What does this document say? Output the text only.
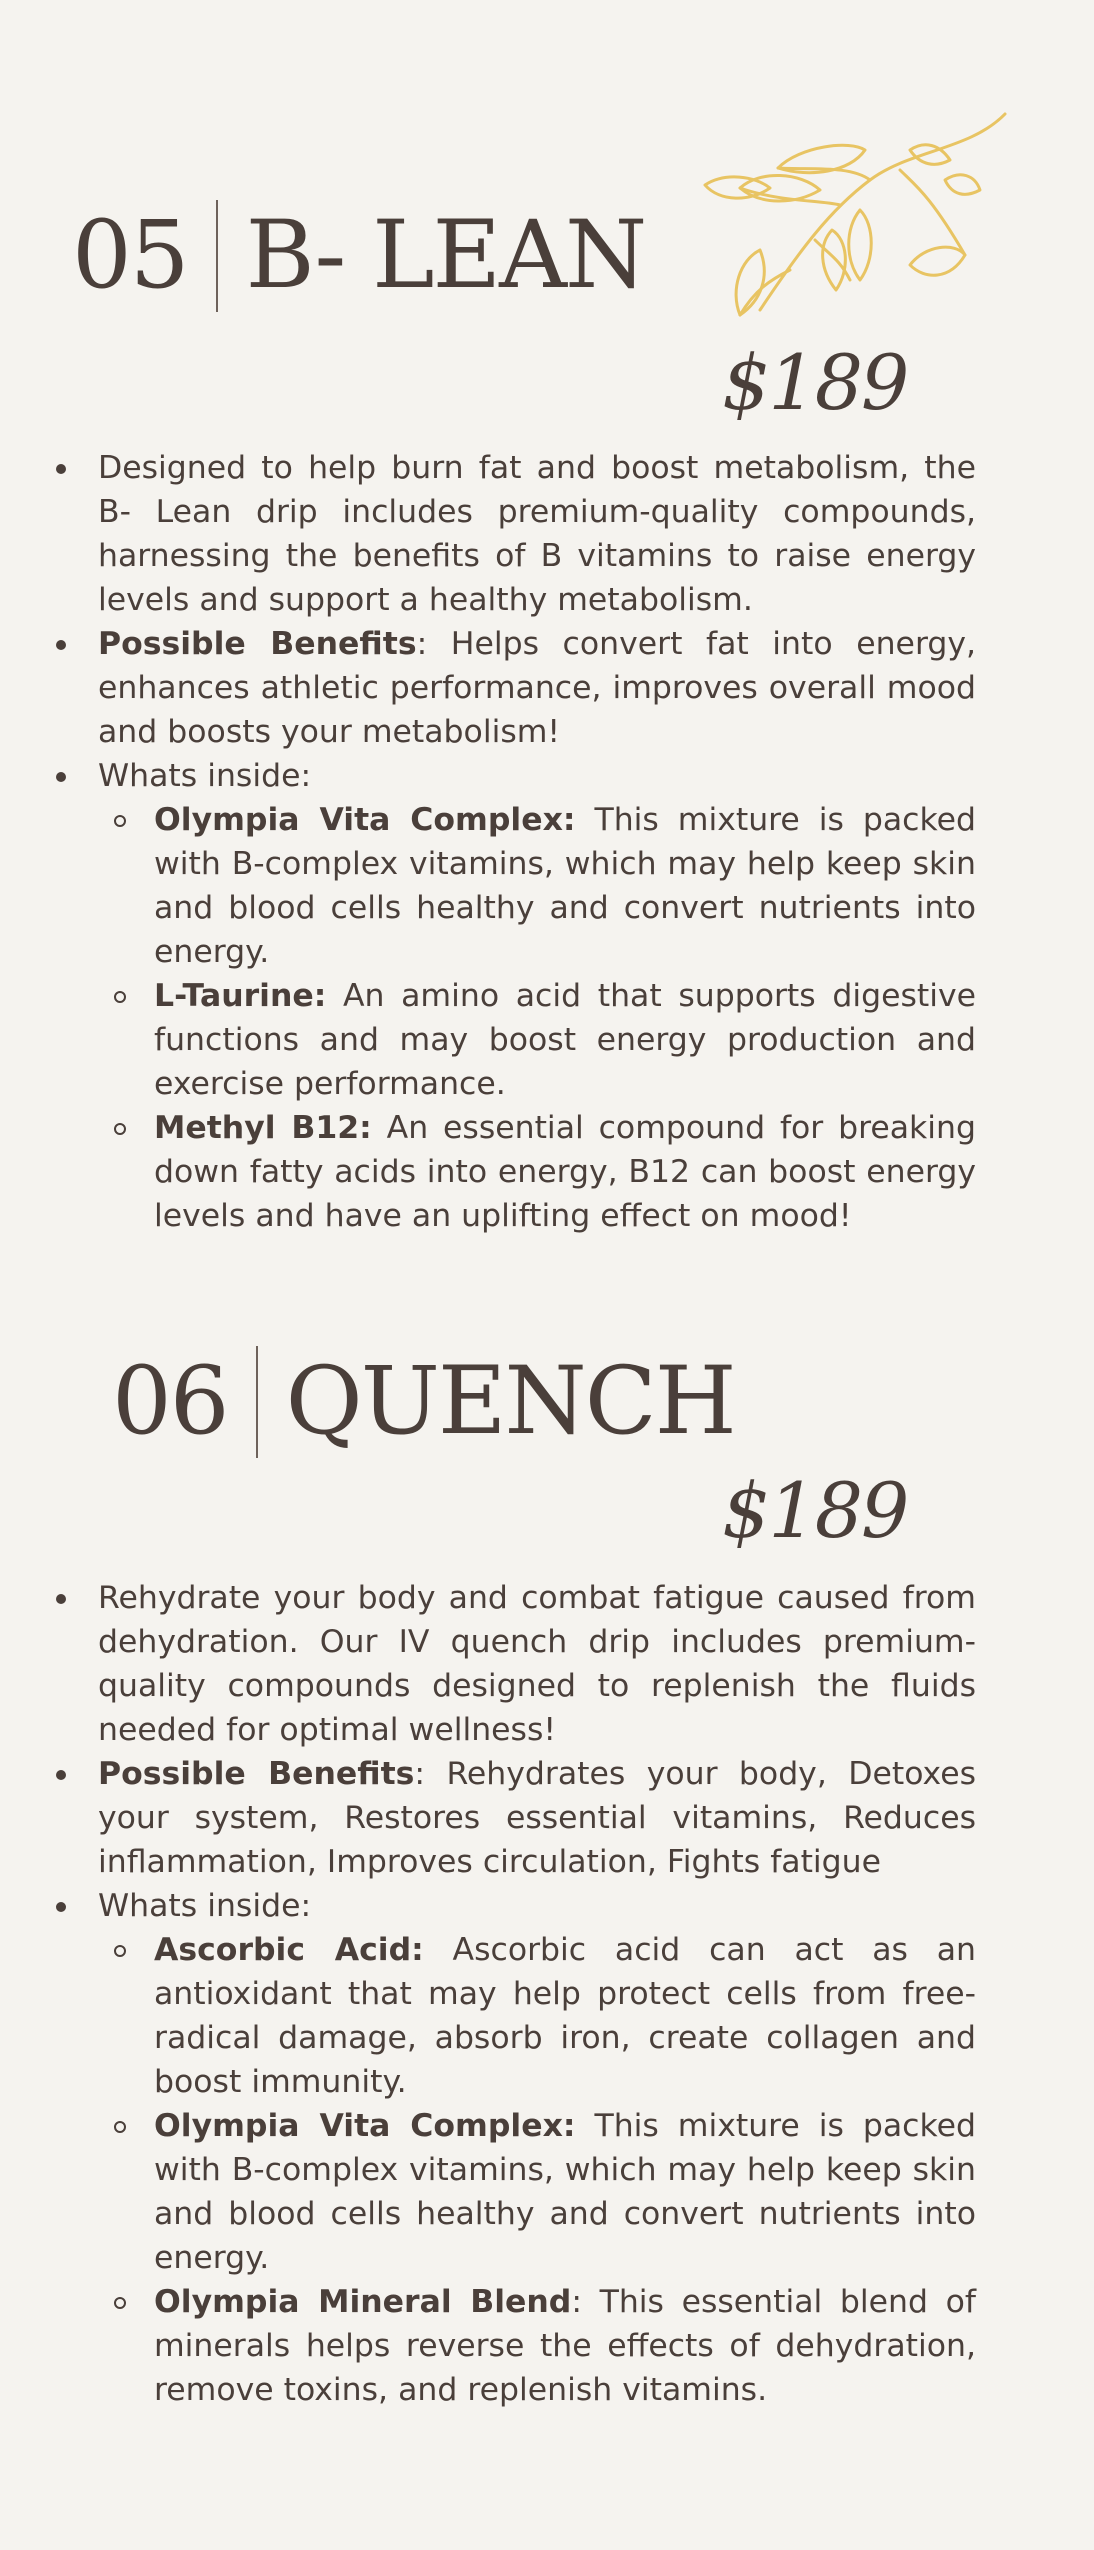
05 B- LEAN
$189
Designed to help burn fat and boost metabolism, the B- Lean drip includes premium-quality compounds, harnessing the benefits of B vitamins to raise energy levels and support a healthy metabolism.
Possible Benefits: Helps convert fat into energy, enhances athletic performance, improves overall mood and boosts your metabolism!
Whats inside:
Olympia Vita Complex: This mixture is packed with B-complex vitamins, which may help keep skin and blood cells healthy and convert nutrients into energy.
L-Taurine: An amino acid that supports digestive functions and may boost energy production and exercise performance.
Methyl B12: An essential compound for breaking down fatty acids into energy, B12 can boost energy levels and have an uplifting effect on mood!
06 QUENCH
$189
Rehydrate your body and combat fatigue caused from dehydration. Our IV quench drip includes premium-quality compounds designed to replenish the fluids needed for optimal wellness!
Possible Benefits: Rehydrates your body, Detoxes your system, Restores essential vitamins, Reduces inflammation, Improves circulation, Fights fatigue
Whats inside:
Ascorbic Acid: Ascorbic acid can act as an antioxidant that may help protect cells from free-radical damage, absorb iron, create collagen and boost immunity.
Olympia Vita Complex: This mixture is packed with B-complex vitamins, which may help keep skin and blood cells healthy and convert nutrients into energy.
Olympia Mineral Blend: This essential blend of minerals helps reverse the effects of dehydration, remove toxins, and replenish vitamins.
